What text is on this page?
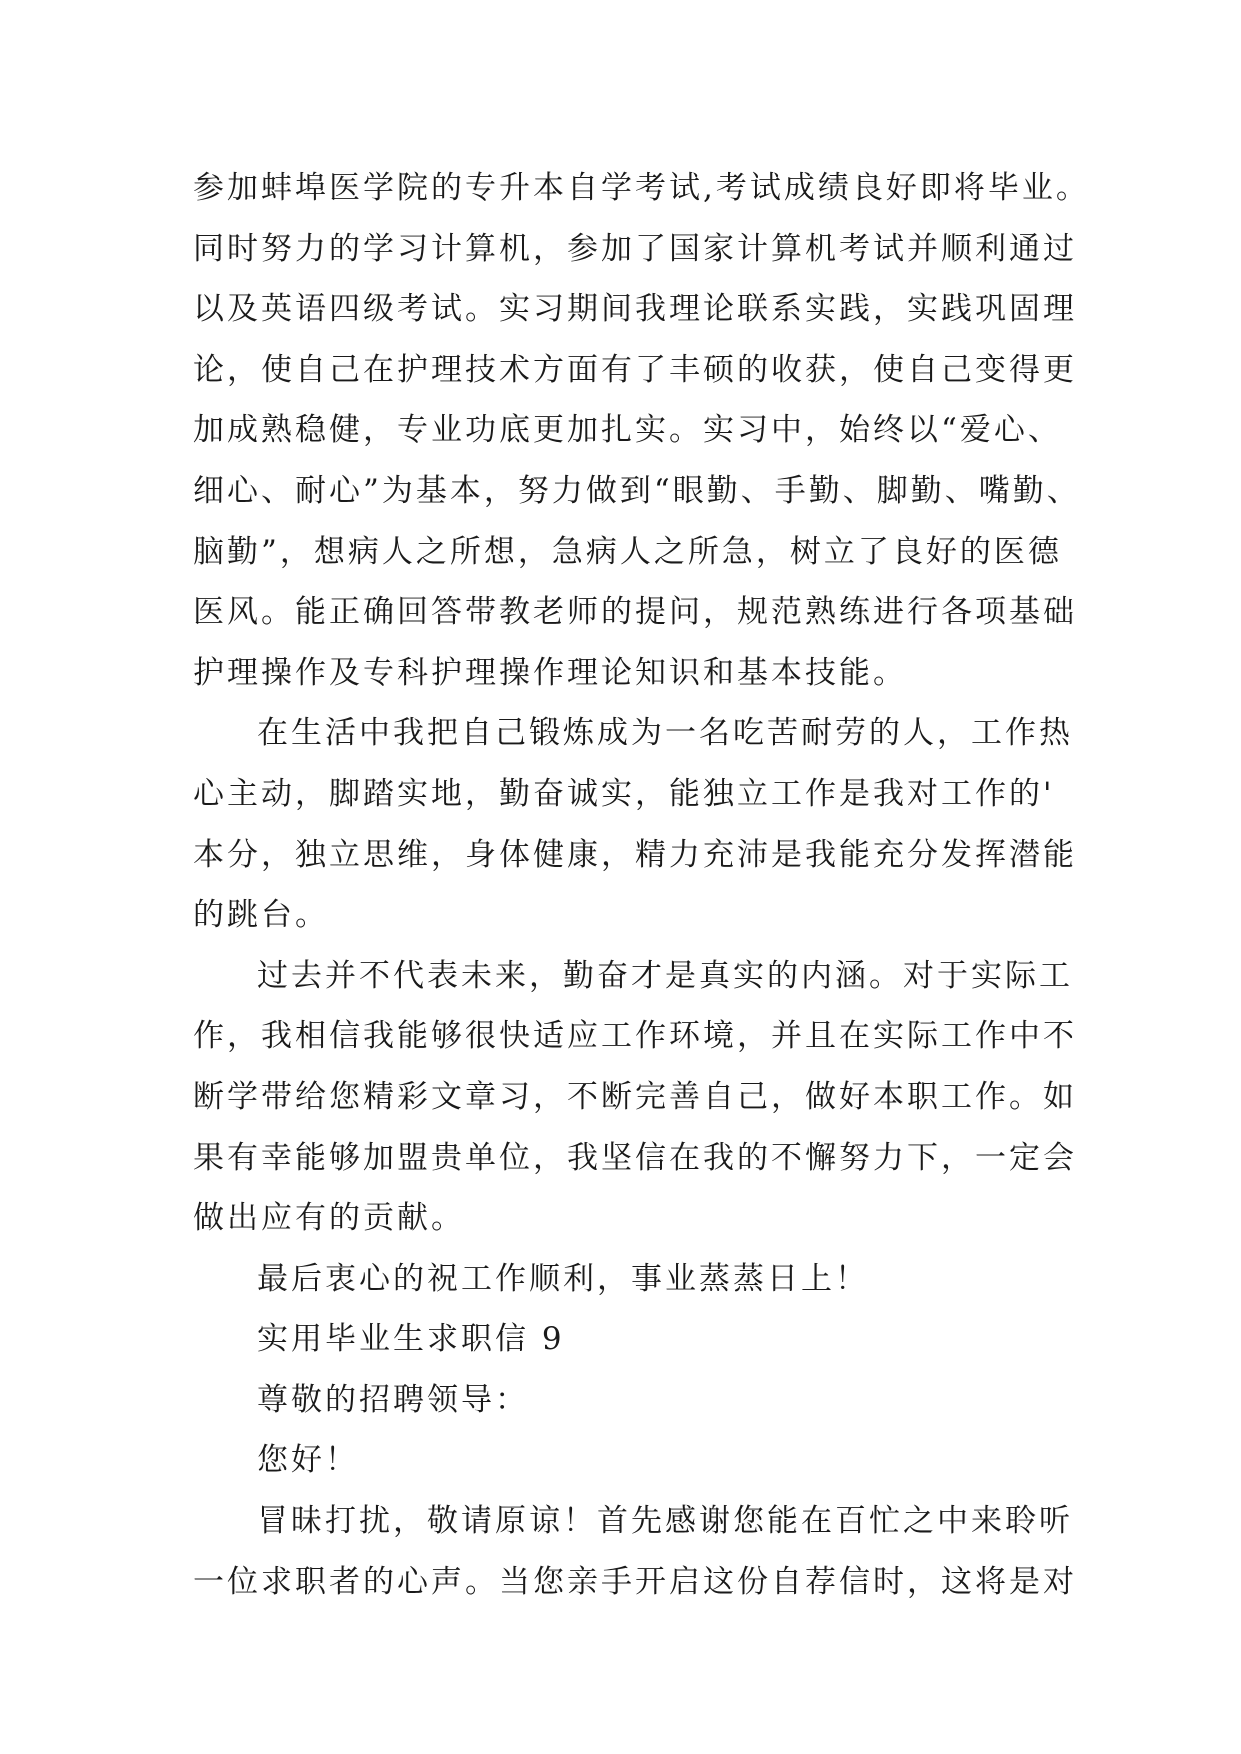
参加蚌埠医学院的专升本自学考试,考试成绩良好即将毕业。
同时努力的学习计算机，参加了国家计算机考试并顺利通过
以及英语四级考试。实习期间我理论联系实践，实践巩固理
论，使自己在护理技术方面有了丰硕的收获，使自己变得更
加成熟稳健，专业功底更加扎实。实习中，始终以“爱心、
细心、耐心”为基本，努力做到“眼勤、手勤、脚勤、嘴勤、
脑勤”，想病人之所想，急病人之所急，树立了良好的医德
医风。能正确回答带教老师的提问，规范熟练进行各项基础
护理操作及专科护理操作理论知识和基本技能。
在生活中我把自己锻炼成为一名吃苦耐劳的人，工作热
心主动，脚踏实地，勤奋诚实，能独立工作是我对工作的'
本分，独立思维，身体健康，精力充沛是我能充分发挥潜能
的跳台。
过去并不代表未来，勤奋才是真实的内涵。对于实际工
作，我相信我能够很快适应工作环境，并且在实际工作中不
断学带给您精彩文章习，不断完善自己，做好本职工作。如
果有幸能够加盟贵单位，我坚信在我的不懈努力下，一定会
做出应有的贡献。
最后衷心的祝工作顺利，事业蒸蒸日上！
实用毕业生求职信 9
尊敬的招聘领导：
您好！
冒昧打扰，敬请原谅！首先感谢您能在百忙之中来聆听
一位求职者的心声。当您亲手开启这份自荐信时，这将是对
